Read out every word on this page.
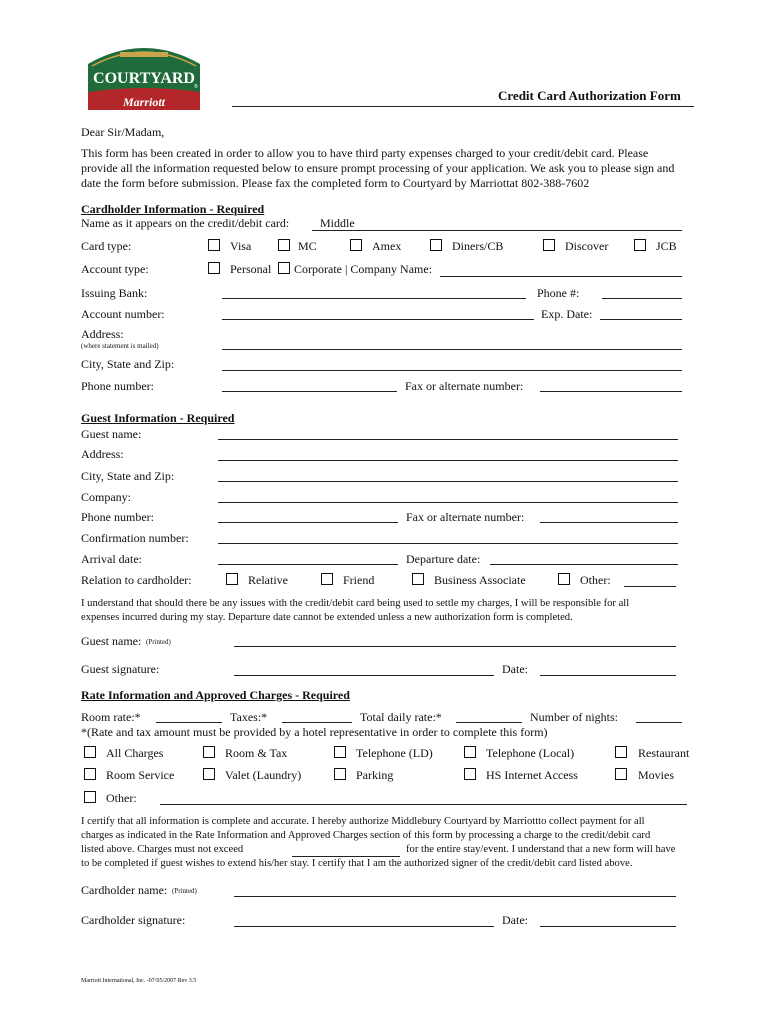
COURTYARD ®
Marriott	Credit Card Authorization Form
Dear Sir/Madam,
This form has been created in order to allow you to have third party expenses charged to your credit/debit card. Please
provide all the information requested below to ensure prompt processing of your application. We ask you to please sign and
date the form before submission. Please fax the completed form to Courtyard by Marriottat 802-388-7602
Cardholder Information - Required
Name as it appears on the credit/debit card:	Middle
Card type:	Visa	MC	Amex	Diners/CB	Discover	JCB
Account type:	Personal Corporate | Company Name:
Issuing Bank:	Phone #:
Account number:	Exp. Date:
Address:
(where statement is mailed)
City, State and Zip:
Phone number:	Fax or alternate number:
Guest Information - Required
Guest name:
Address:
City, State and Zip:
Company:
Phone number:	Fax or alternate number:
Confirmation number:
Arrival date:	Departure date:
Relation to cardholder:	Relative	Friend	Business Associate	Other:
I understand that should there be any issues with the credit/debit card being used to settle my charges, I will be responsible for all
expenses incurred during my stay. Departure date cannot be extended unless a new authorization form is completed.
Guest name: (Printed)
Guest signature:	Date:
Rate Information and Approved Charges - Required
Room rate:*	Taxes:*	Total daily rate:*	Number of nights:
*(Rate and tax amount must be provided by a hotel representative in order to complete this form)
All Charges	Room & Tax	Telephone (LD)	Telephone (Local)	Restaurant
Room Service	Valet (Laundry)	Parking	HS Internet Access	Movies
Other:
I certify that all information is complete and accurate. I hereby authorize Middlebury Courtyard by Marriottto collect payment for all
charges as indicated in the Rate Information and Approved Charges section of this form by processing a charge to the credit/debit card
listed above. Charges must not exceed	for the entire stay/event. I understand that a new form will have
to be completed if guest wishes to extend his/her stay. I certify that I am the authorized signer of the credit/debit card listed above.
Cardholder name: (Printed)
Cardholder signature:	Date:
Marriott International, Inc. -07/05/2007 Rev 3.5
